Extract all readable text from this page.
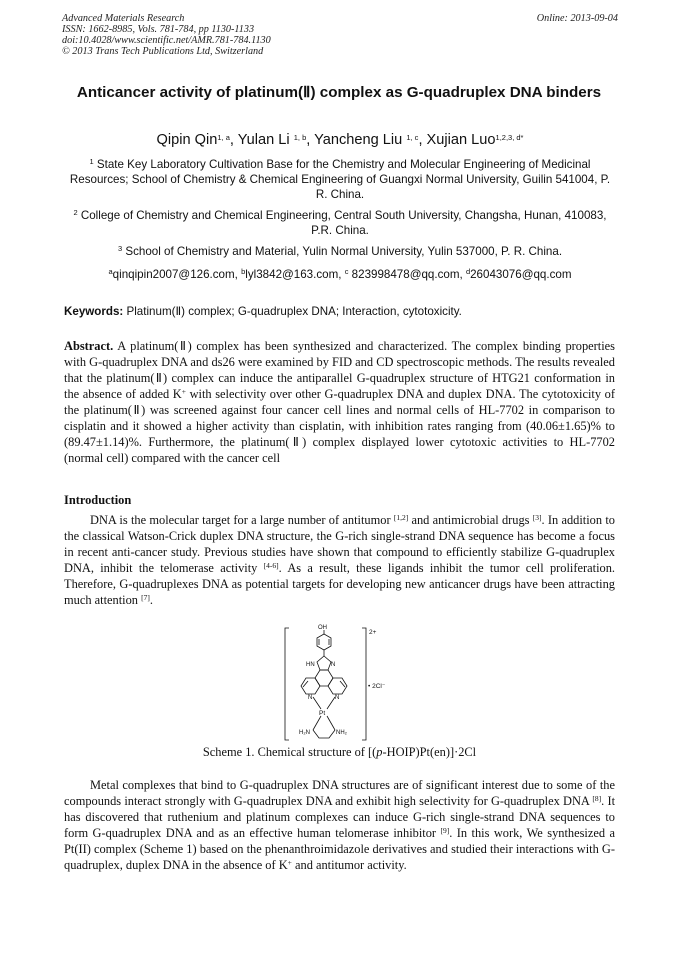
Advanced Materials Research
ISSN: 1662-8985, Vols. 781-784, pp 1130-1133
doi:10.4028/www.scientific.net/AMR.781-784.1130
© 2013 Trans Tech Publications Ltd, Switzerland
Online: 2013-09-04
Anticancer activity of platinum(Ⅱ) complex as G-quadruplex DNA binders
Qipin Qin$^{1, a}$, Yulan Li $^{1, b}$, Yancheng Liu $^{1, c}$, Xujian Luo$^{1,2,3, d*}$
$^1$ State Key Laboratory Cultivation Base for the Chemistry and Molecular Engineering of Medicinal Resources; School of Chemistry & Chemical Engineering of Guangxi Normal University, Guilin 541004, P. R. China.
$^2$ College of Chemistry and Chemical Engineering, Central South University, Changsha, Hunan, 410083, P.R. China.
$^3$ School of Chemistry and Material, Yulin Normal University, Yulin 537000, P. R. China.
$^a$qinqipin2007@126.com, $^b$lyl3842@163.com, $^c$ 823998478@qq.com, $^d$26043076@qq.com
Keywords: Platinum(Ⅱ) complex; G-quadruplex DNA; Interaction, cytotoxicity.
Abstract. A platinum(Ⅱ) complex has been synthesized and characterized. The complex binding properties with G-quadruplex DNA and ds26 were examined by FID and CD spectroscopic methods. The results revealed that the platinum(Ⅱ) complex can induce the antiparallel G-quadruplex structure of HTG21 conformation in the absence of added K+ with selectivity over other G-quadruplex DNA and duplex DNA. The cytotoxicity of the platinum(Ⅱ) was screened against four cancer cell lines and normal cells of HL-7702 in comparison to cisplatin and it showed a higher activity than cisplatin, with inhibition rates ranging from (40.06±1.65)% to (89.47±1.14)%. Furthermore, the platinum(Ⅱ) complex displayed lower cytotoxic activities to HL-7702 (normal cell) compared with the cancer cell
Introduction
DNA is the molecular target for a large number of antitumor [1,2] and antimicrobial drugs [3]. In addition to the classical Watson-Crick duplex DNA structure, the G-rich single-strand DNA sequence has become a focus in recent anti-cancer study. Previous studies have shown that compound to efficiently stabilize G-quadruplex DNA, inhibit the telomerase activity [4-6]. As a result, these ligands inhibit the tumor cell proliferation. Therefore, G-quadruplexes DNA as potential targets for developing new anticancer drugs have been attracting much attention [7].
OH
HN	N
N	N
Pt
H₂N	NH₂
2+
• 2Cl⁻
Scheme 1. Chemical structure of [(p-HOIP)Pt(en)]·2Cl
Metal complexes that bind to G-quadruplex DNA structures are of significant interest due to some of the compounds interact strongly with G-quadruplex DNA and exhibit high selectivity for G-quadruplex DNA [8]. It has discovered that ruthenium and platinum complexes can induce G-rich single-strand DNA sequences to form G-quadruplex DNA and as an effective human telomerase inhibitor [9]. In this work, We synthesized a Pt(II) complex (Scheme 1) based on the phenanthroimidazole derivatives and studied their interactions with G-quadruplex, duplex DNA in the absence of K+ and antitumor activity.
